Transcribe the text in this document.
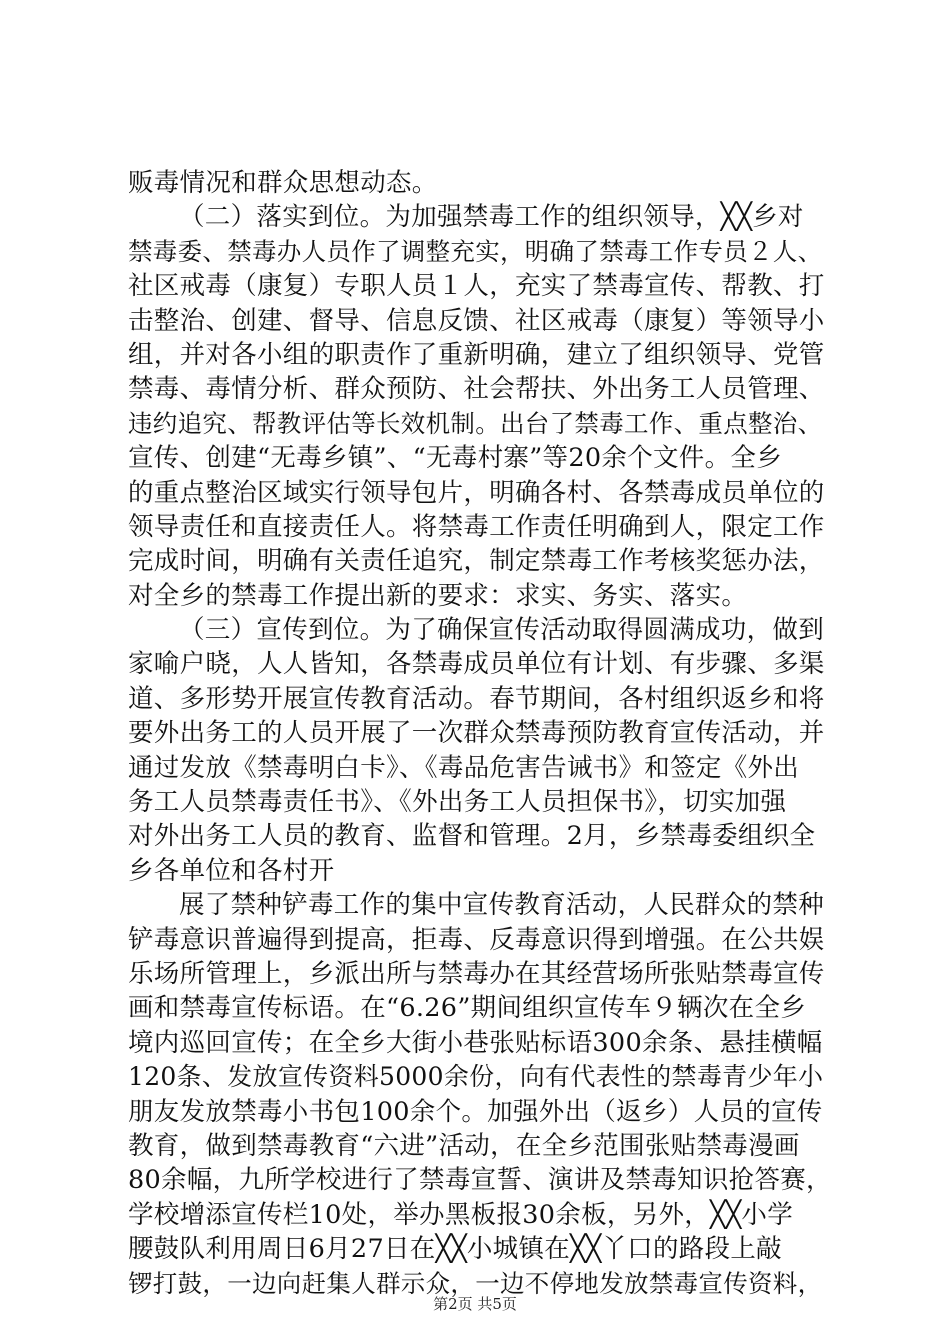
贩毒情况和群众思想动态。
（二）落实到位。为加强禁毒工作的组织领导，╳╳乡对
禁毒委、禁毒办人员作了调整充实，明确了禁毒工作专员２人、
社区戒毒（康复）专职人员１人，充实了禁毒宣传、帮教、打
击整治、创建、督导、信息反馈、社区戒毒（康复）等领导小
组，并对各小组的职责作了重新明确，建立了组织领导、党管
禁毒、毒情分析、群众预防、社会帮扶、外出务工人员管理、
违约追究、帮教评估等长效机制。出台了禁毒工作、重点整治、
宣传、创建“无毒乡镇”、“无毒村寨”等20余个文件。全乡
的重点整治区域实行领导包片，明确各村、各禁毒成员单位的
领导责任和直接责任人。将禁毒工作责任明确到人，限定工作
完成时间，明确有关责任追究，制定禁毒工作考核奖惩办法，
对全乡的禁毒工作提出新的要求：求实、务实、落实。
（三）宣传到位。为了确保宣传活动取得圆满成功，做到
家喻户晓，人人皆知，各禁毒成员单位有计划、有步骤、多渠
道、多形势开展宣传教育活动。春节期间，各村组织返乡和将
要外出务工的人员开展了一次群众禁毒预防教育宣传活动，并
通过发放《禁毒明白卡》、《毒品危害告诫书》和签定《外出
务工人员禁毒责任书》、《外出务工人员担保书》，切实加强
对外出务工人员的教育、监督和管理。2月，乡禁毒委组织全
乡各单位和各村开
展了禁种铲毒工作的集中宣传教育活动，人民群众的禁种
铲毒意识普遍得到提高，拒毒、反毒意识得到增强。在公共娱
乐场所管理上，乡派出所与禁毒办在其经营场所张贴禁毒宣传
画和禁毒宣传标语。在“6.26”期间组织宣传车９辆次在全乡
境内巡回宣传；在全乡大街小巷张贴标语300余条、悬挂横幅
120条、发放宣传资料5000余份，向有代表性的禁毒青少年小
朋友发放禁毒小书包100余个。加强外出（返乡）人员的宣传
教育，做到禁毒教育“六进”活动，在全乡范围张贴禁毒漫画
80余幅，九所学校进行了禁毒宣誓、演讲及禁毒知识抢答赛，
学校增添宣传栏10处，举办黑板报30余板，另外，╳╳小学
腰鼓队利用周日6月27日在╳╳小城镇在╳╳丫口的路段上敲
锣打鼓，一边向赶集人群示众，一边不停地发放禁毒宣传资料，
第2页 共5页
